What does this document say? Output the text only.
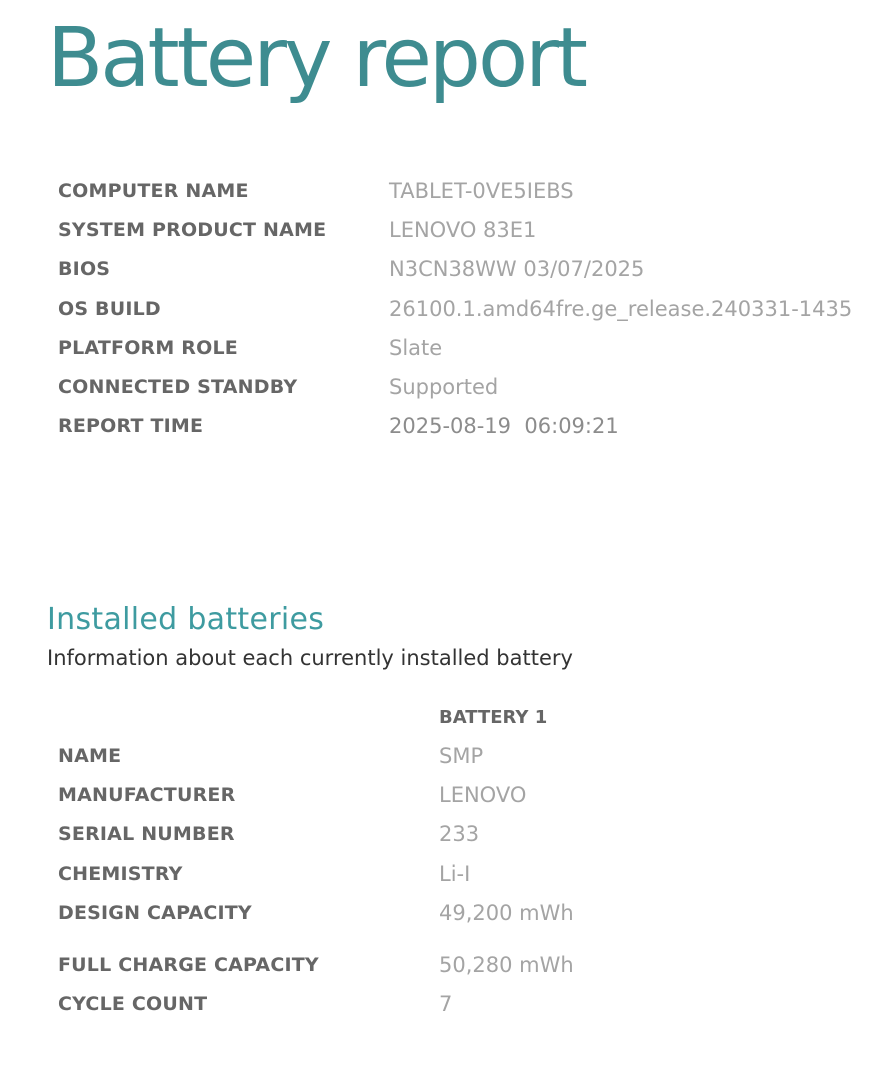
Battery report
COMPUTER NAME	TABLET-0VE5IEBS
SYSTEM PRODUCT NAME	LENOVO 83E1
BIOS	N3CN38WW 03/07/2025
OS BUILD	26100.1.amd64fre.ge_release.240331-1435
PLATFORM ROLE	Slate
CONNECTED STANDBY	Supported
REPORT TIME	2025-08-19  06:09:21
Installed batteries

Information about each currently installed battery

BATTERY 1
NAME	SMP
MANUFACTURER	LENOVO
SERIAL NUMBER	233
CHEMISTRY	Li-I
DESIGN CAPACITY	49,200 mWh
FULL CHARGE CAPACITY	50,280 mWh
CYCLE COUNT	7
